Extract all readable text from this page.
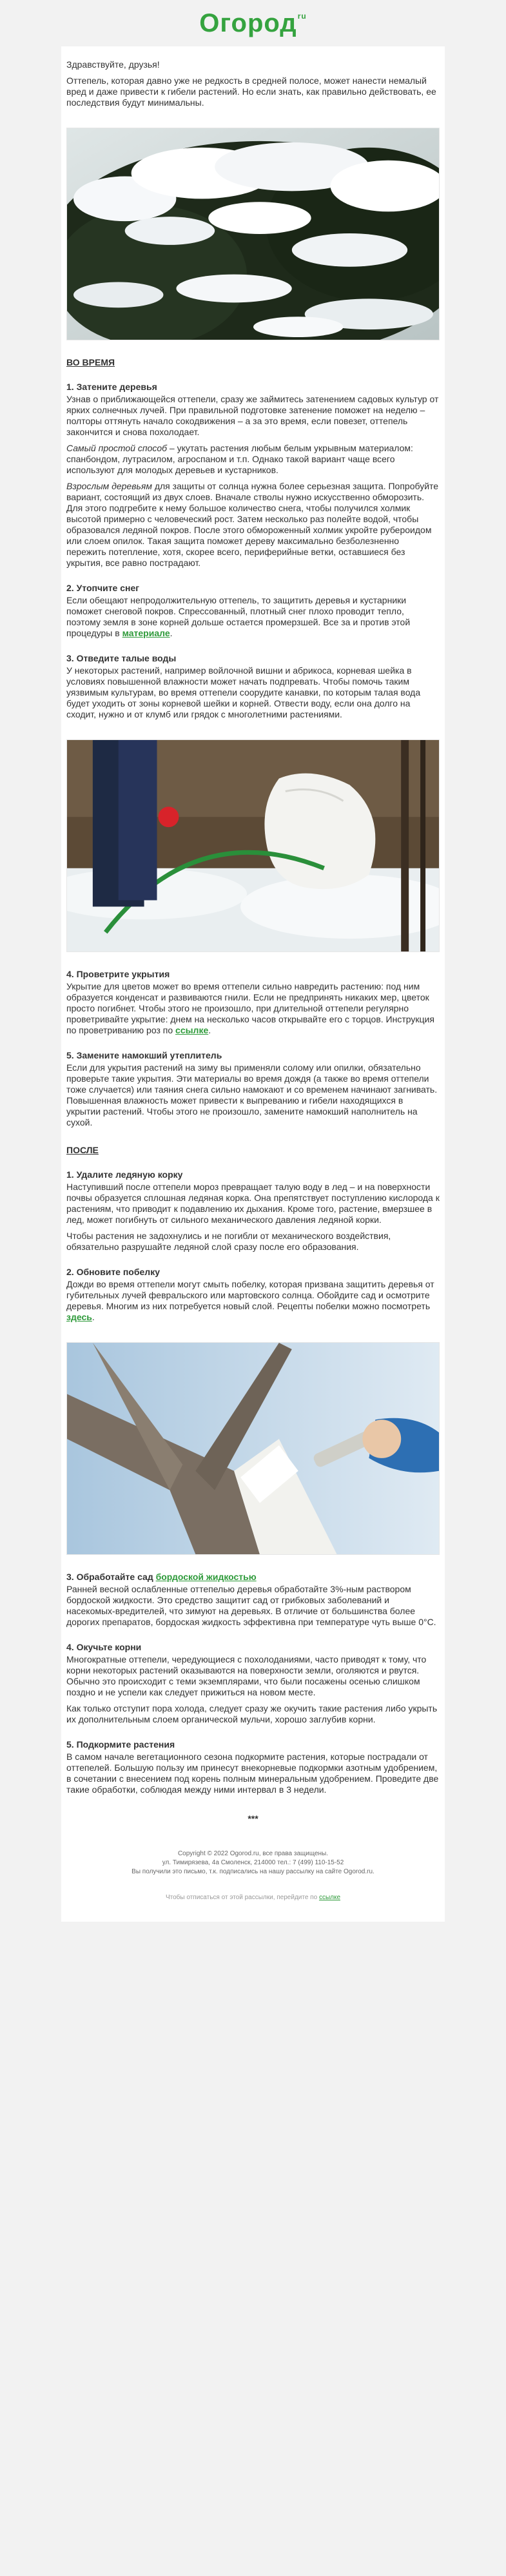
Огород ru

Здравствуйте, друзья!

Оттепель, которая давно уже не редкость в средней полосе, может нанести немалый вред и даже привести к гибели растений. Но если знать, как правильно действовать, ее последствия будут минимальны.

ВО ВРЕМЯ
1. Затените деревья

Узнав о приближающейся оттепели, сразу же займитесь затенением садовых культур от ярких солнечных лучей. При правильной подготовке затенение поможет на неделю – полторы оттянуть начало сокодвижения – а за это время, если повезет, оттепель закончится и снова похолодает.

Самый простой способ – укутать растения любым белым укрывным материалом: спанбондом, лутрасилом, агроспаном и т.п. Однако такой вариант чаще всего используют для молодых деревьев и кустарников.

Взрослым деревьям для защиты от солнца нужна более серьезная защита. Попробуйте вариант, состоящий из двух слоев. Вначале стволы нужно искусственно обморозить. Для этого подгребите к нему большое количество снега, чтобы получился холмик высотой примерно с человеческий рост. Затем несколько раз полейте водой, чтобы образовался ледяной покров. После этого обмороженный холмик укройте рубероидом или слоем опилок. Такая защита поможет дереву максимально безболезненно пережить потепление, хотя, скорее всего, периферийные ветки, оставшиеся без укрытия, все равно пострадают.

2. Утопчите снег

Если обещают непродолжительную оттепель, то защитить деревья и кустарники поможет снеговой покров. Спрессованный, плотный снег плохо проводит тепло, поэтому земля в зоне корней дольше остается промерзшей. Все за и против этой процедуры в материале.

3. Отведите талые воды

У некоторых растений, например войлочной вишни и абрикоса, корневая шейка в условиях повышенной влажности может начать подпревать. Чтобы помочь таким уязвимым культурам, во время оттепели соорудите канавки, по которым талая вода будет уходить от зоны корневой шейки и корней. Отвести воду, если она долго на сходит, нужно и от клумб или грядок с многолетними растениями.

4. Проветрите укрытия

Укрытие для цветов может во время оттепели сильно навредить растению: под ним образуется конденсат и развиваются гнили. Если не предпринять никаких мер, цветок просто погибнет. Чтобы этого не произошло, при длительной оттепели регулярно проветривайте укрытие: днем на несколько часов открывайте его с торцов. Инструкция по проветриванию роз по ссылке.

5. Замените намокший утеплитель

Если для укрытия растений на зиму вы применяли солому или опилки, обязательно проверьте такие укрытия. Эти материалы во время дождя (а также во время оттепели тоже случается) или таяния снега сильно намокают и со временем начинают загнивать. Повышенная влажность может привести к выпреванию и гибели находящихся в укрытии растений. Чтобы этого не произошло, замените намокший наполнитель на сухой.

ПОСЛЕ
1. Удалите ледяную корку

Наступивший после оттепели мороз превращает талую воду в лед – и на поверхности почвы образуется сплошная ледяная корка. Она препятствует поступлению кислорода к растениям, что приводит к подавлению их дыхания. Кроме того, растение, вмерзшее в лед, может погибнуть от сильного механического давления ледяной корки.

Чтобы растения не задохнулись и не погибли от механического воздействия, обязательно разрушайте ледяной слой сразу после его образования.

2. Обновите побелку

Дожди во время оттепели могут смыть побелку, которая призвана защитить деревья от губительных лучей февральского или мартовского солнца. Обойдите сад и осмотрите деревья. Многим из них потребуется новый слой. Рецепты побелки можно посмотреть здесь.

3. Обработайте сад бордоской жидкостью

Ранней весной ослабленные оттепелью деревья обработайте 3%-ным раствором бордоской жидкости. Это средство защитит сад от грибковых заболеваний и насекомых-вредителей, что зимуют на деревьях. В отличие от большинства более дорогих препаратов, бордоская жидкость эффективна при температуре чуть выше 0°С.

4. Окучьте корни

Многократные оттепели, чередующиеся с похолоданиями, часто приводят к тому, что корни некоторых растений оказываются на поверхности земли, оголяются и рвутся. Обычно это происходит с теми экземплярами, что были посажены осенью слишком поздно и не успели как следует прижиться на новом месте.

Как только отступит пора холода, следует сразу же окучить такие растения либо укрыть их дополнительным слоем органической мульчи, хорошо заглубив корни.

5. Подкормите растения

В самом начале вегетационного сезона подкормите растения, которые пострадали от оттепелей. Большую пользу им принесут внекорневые подкормки азотным удобрением, в сочетании с внесением под корень полным минеральным удобрением. Проведите две такие обработки, соблюдая между ними интервал в 3 недели.

***
Copyright © 2022 Ogorod.ru, все права защищены.
ул. Тимирязева, 4а Смоленск, 214000 тел.: 7 (499) 110-15-52
Вы получили это письмо, т.к. подписались на нашу рассылку на сайте Ogorod.ru.
Чтобы отписаться от этой рассылки, перейдите по ссылке
